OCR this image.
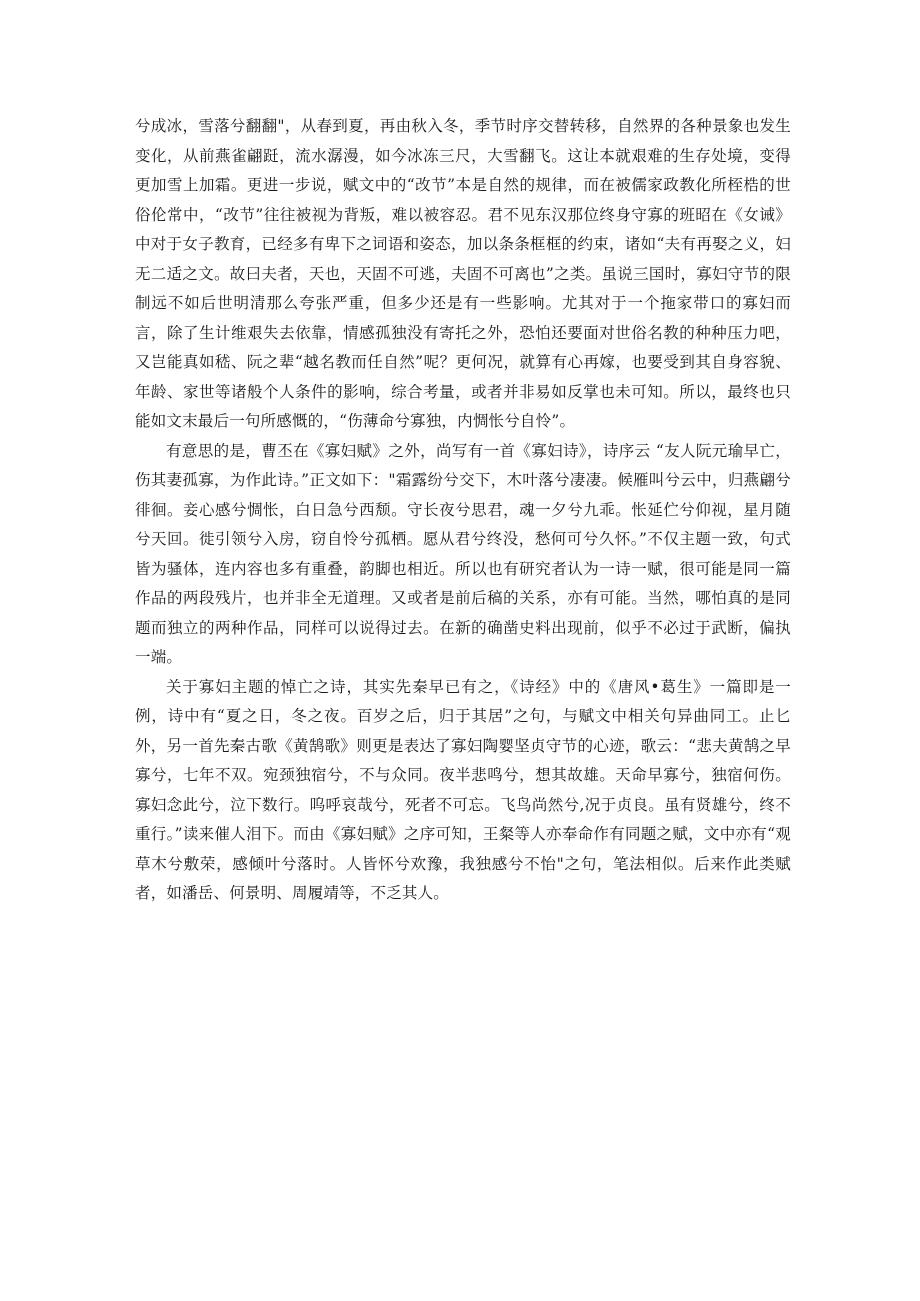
兮成冰，雪落兮翻翻"，从春到夏，再由秋入冬，季节时序交替转移，自然界的各种景象也发生变化，从前燕雀翩跹，流水潺漫，如今冰冻三尺，大雪翻飞。这让本就艰难的生存处境，变得更加雪上加霜。更进一步说，赋文中的“改节”本是自然的规律，而在被儒家政教化所桎梏的世俗伦常中，“改节”往往被视为背叛，难以被容忍。君不见东汉那位终身守寡的班昭在《女诫》中对于女子教育，已经多有卑下之词语和姿态，加以条条框框的约束，诸如“夫有再娶之义，妇无二适之文。故曰夫者，天也，天固不可逃，夫固不可离也”之类。虽说三国时，寡妇守节的限制远不如后世明清那么夸张严重，但多少还是有一些影响。尤其对于一个拖家带口的寡妇而言，除了生计维艰失去依靠，情感孤独没有寄托之外，恐怕还要面对世俗名教的种种压力吧，又岂能真如嵇、阮之辈“越名教而任自然”呢？更何况，就算有心再嫁，也要受到其自身容貌、年龄、家世等诸般个人条件的影响，综合考量，或者并非易如反掌也未可知。所以，最终也只能如文末最后一句所感慨的，“伤薄命兮寡独，内惆怅兮自怜”。

有意思的是，曹丕在《寡妇赋》之外，尚写有一首《寡妇诗》，诗序云 “友人阮元瑜早亡，伤其妻孤寡，为作此诗。”正文如下："霜露纷兮交下，木叶落兮凄凄。候雁叫兮云中，归燕翩兮徘徊。妾心感兮惆怅，白日急兮西颓。守长夜兮思君，魂一夕兮九乖。怅延伫兮仰视，星月随兮天回。徙引领兮入房，窃自怜兮孤栖。愿从君兮终没，愁何可兮久怀。”不仅主题一致，句式皆为骚体，连内容也多有重叠，韵脚也相近。所以也有研究者认为一诗一赋，很可能是同一篇作品的两段残片，也并非全无道理。又或者是前后稿的关系，亦有可能。当然，哪怕真的是同题而独立的两种作品，同样可以说得过去。在新的确凿史料出现前，似乎不必过于武断，偏执一端。

关于寡妇主题的悼亡之诗，其实先秦早已有之，《诗经》中的《唐风•葛生》一篇即是一例，诗中有“夏之日，冬之夜。百岁之后，归于其居”之句，与赋文中相关句异曲同工。止匕外，另一首先秦古歌《黄鹄歌》则更是表达了寡妇陶婴坚贞守节的心迹，歌云：“悲夫黄鹄之早寡兮，七年不双。宛颈独宿兮，不与众同。夜半悲鸣兮，想其故雄。天命早寡兮，独宿何伤。寡妇念此兮，泣下数行。呜呼哀哉兮，死者不可忘。飞鸟尚然兮,况于贞良。虽有贤雄兮，终不重行。”读来催人泪下。而由《寡妇赋》之序可知，王粲等人亦奉命作有同题之赋，文中亦有“观草木兮敷荣，感倾叶兮落时。人皆怀兮欢豫，我独感兮不怡"之句，笔法相似。后来作此类赋者，如潘岳、何景明、周履靖等，不乏其人。
